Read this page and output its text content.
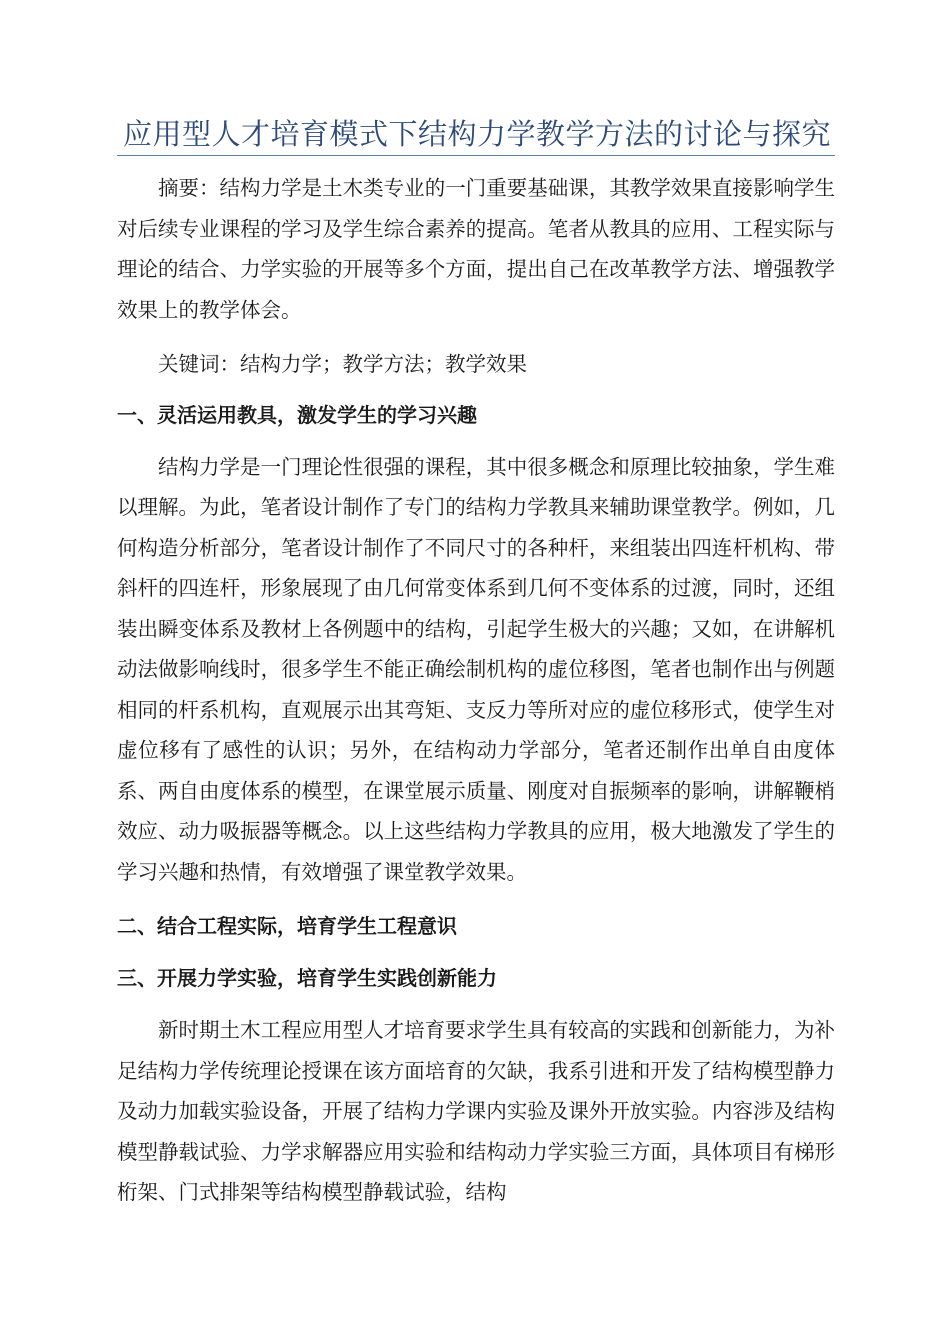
应用型人才培育模式下结构力学教学方法的讨论与探究

摘要：结构力学是土木类专业的一门重要基础课，其教学效果直接影响学生对后续专业课程的学习及学生综合素养的提高。笔者从教具的应用、工程实际与理论的结合、力学实验的开展等多个方面，提出自己在改革教学方法、增强教学效果上的教学体会。

关键词：结构力学；教学方法；教学效果

一、灵活运用教具，激发学生的学习兴趣

结构力学是一门理论性很强的课程，其中很多概念和原理比较抽象，学生难以理解。为此，笔者设计制作了专门的结构力学教具来辅助课堂教学。例如，几何构造分析部分，笔者设计制作了不同尺寸的各种杆，来组装出四连杆机构、带斜杆的四连杆，形象展现了由几何常变体系到几何不变体系的过渡，同时，还组装出瞬变体系及教材上各例题中的结构，引起学生极大的兴趣；又如，在讲解机动法做影响线时，很多学生不能正确绘制机构的虚位移图，笔者也制作出与例题相同的杆系机构，直观展示出其弯矩、支反力等所对应的虚位移形式，使学生对虚位移有了感性的认识；另外，在结构动力学部分，笔者还制作出单自由度体系、两自由度体系的模型，在课堂展示质量、刚度对自振频率的影响，讲解鞭梢效应、动力吸振器等概念。以上这些结构力学教具的应用，极大地激发了学生的学习兴趣和热情，有效增强了课堂教学效果。

二、结合工程实际，培育学生工程意识
三、开展力学实验，培育学生实践创新能力

新时期土木工程应用型人才培育要求学生具有较高的实践和创新能力，为补足结构力学传统理论授课在该方面培育的欠缺，我系引进和开发了结构模型静力及动力加载实验设备，开展了结构力学课内实验及课外开放实验。内容涉及结构模型静载试验、力学求解器应用实验和结构动力学实验三方面，具体项目有梯形桁架、门式排架等结构模型静载试验，结构
